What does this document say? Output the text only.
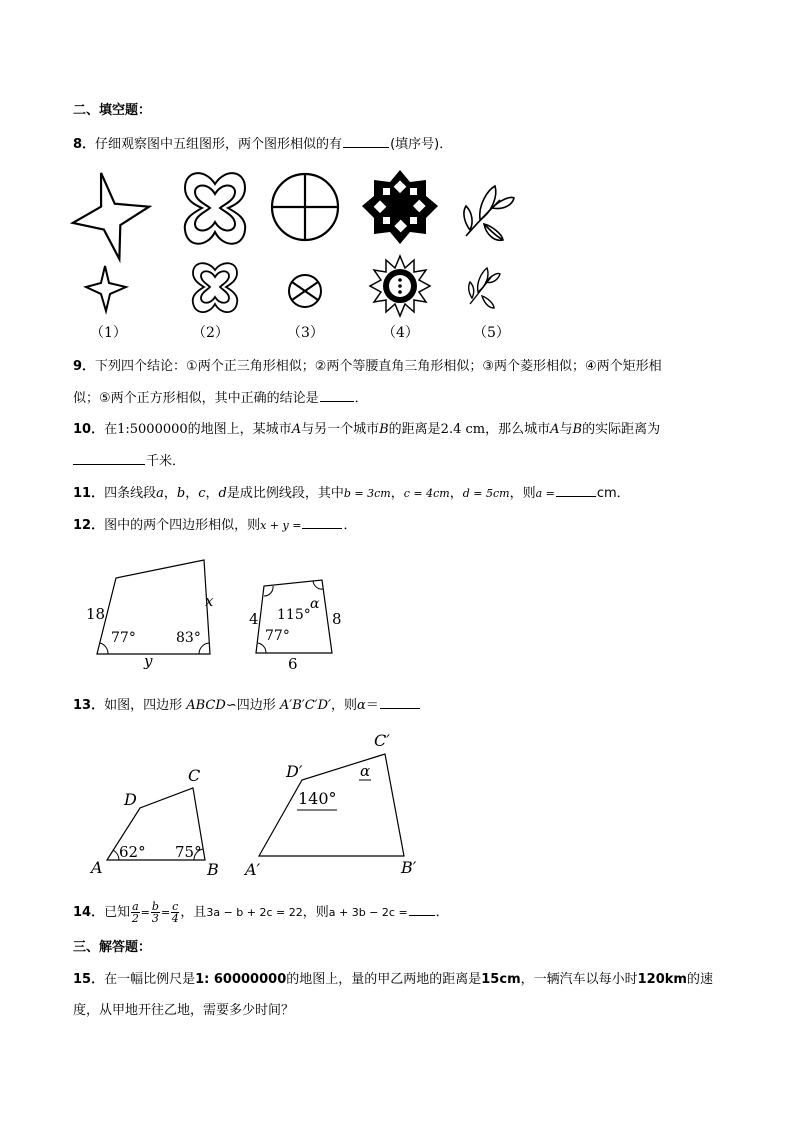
二、填空题：
8．仔细观察图中五组图形，两个图形相似的有	(填序号)．
（1）	（2）	（3）	（4）	（5）
9．下列四个结论：①两个正三角形相似；②两个等腰直角三角形相似；③两个菱形相似；④两个矩形相
似；⑤两个正方形相似，其中正确的结论是	．
10．在1:5000000的地图上，某城市A与另一个城市B的距离是2.4 cm，那么城市A与B的实际距离为
千米．
11．四条线段a，b，c，d是成比例线段，其中b = 3cm，c = 4cm，d = 5cm，则a =	cm．
12．图中的两个四边形相似，则x + y =	．
18
x
y
77°	83°
4	8
6
115°
α
77°
13．如图，四边形 ABCD∽四边形 A′B′C′D′，则α＝
A	B
C
D
62° 75°
A′	B′
C′
D′
140°
α
14．已知 $\frac{a}{2} = \frac{b}{3} = \frac{c}{4}$ ，且3a − b + 2c = 22，则a + 3b − 2c = ．
三、解答题：
15．在一幅比例尺是1: 60000000的地图上，量的甲乙两地的距离是15cm，一辆汽车以每小时120km的速
度，从甲地开往乙地，需要多少时间？
